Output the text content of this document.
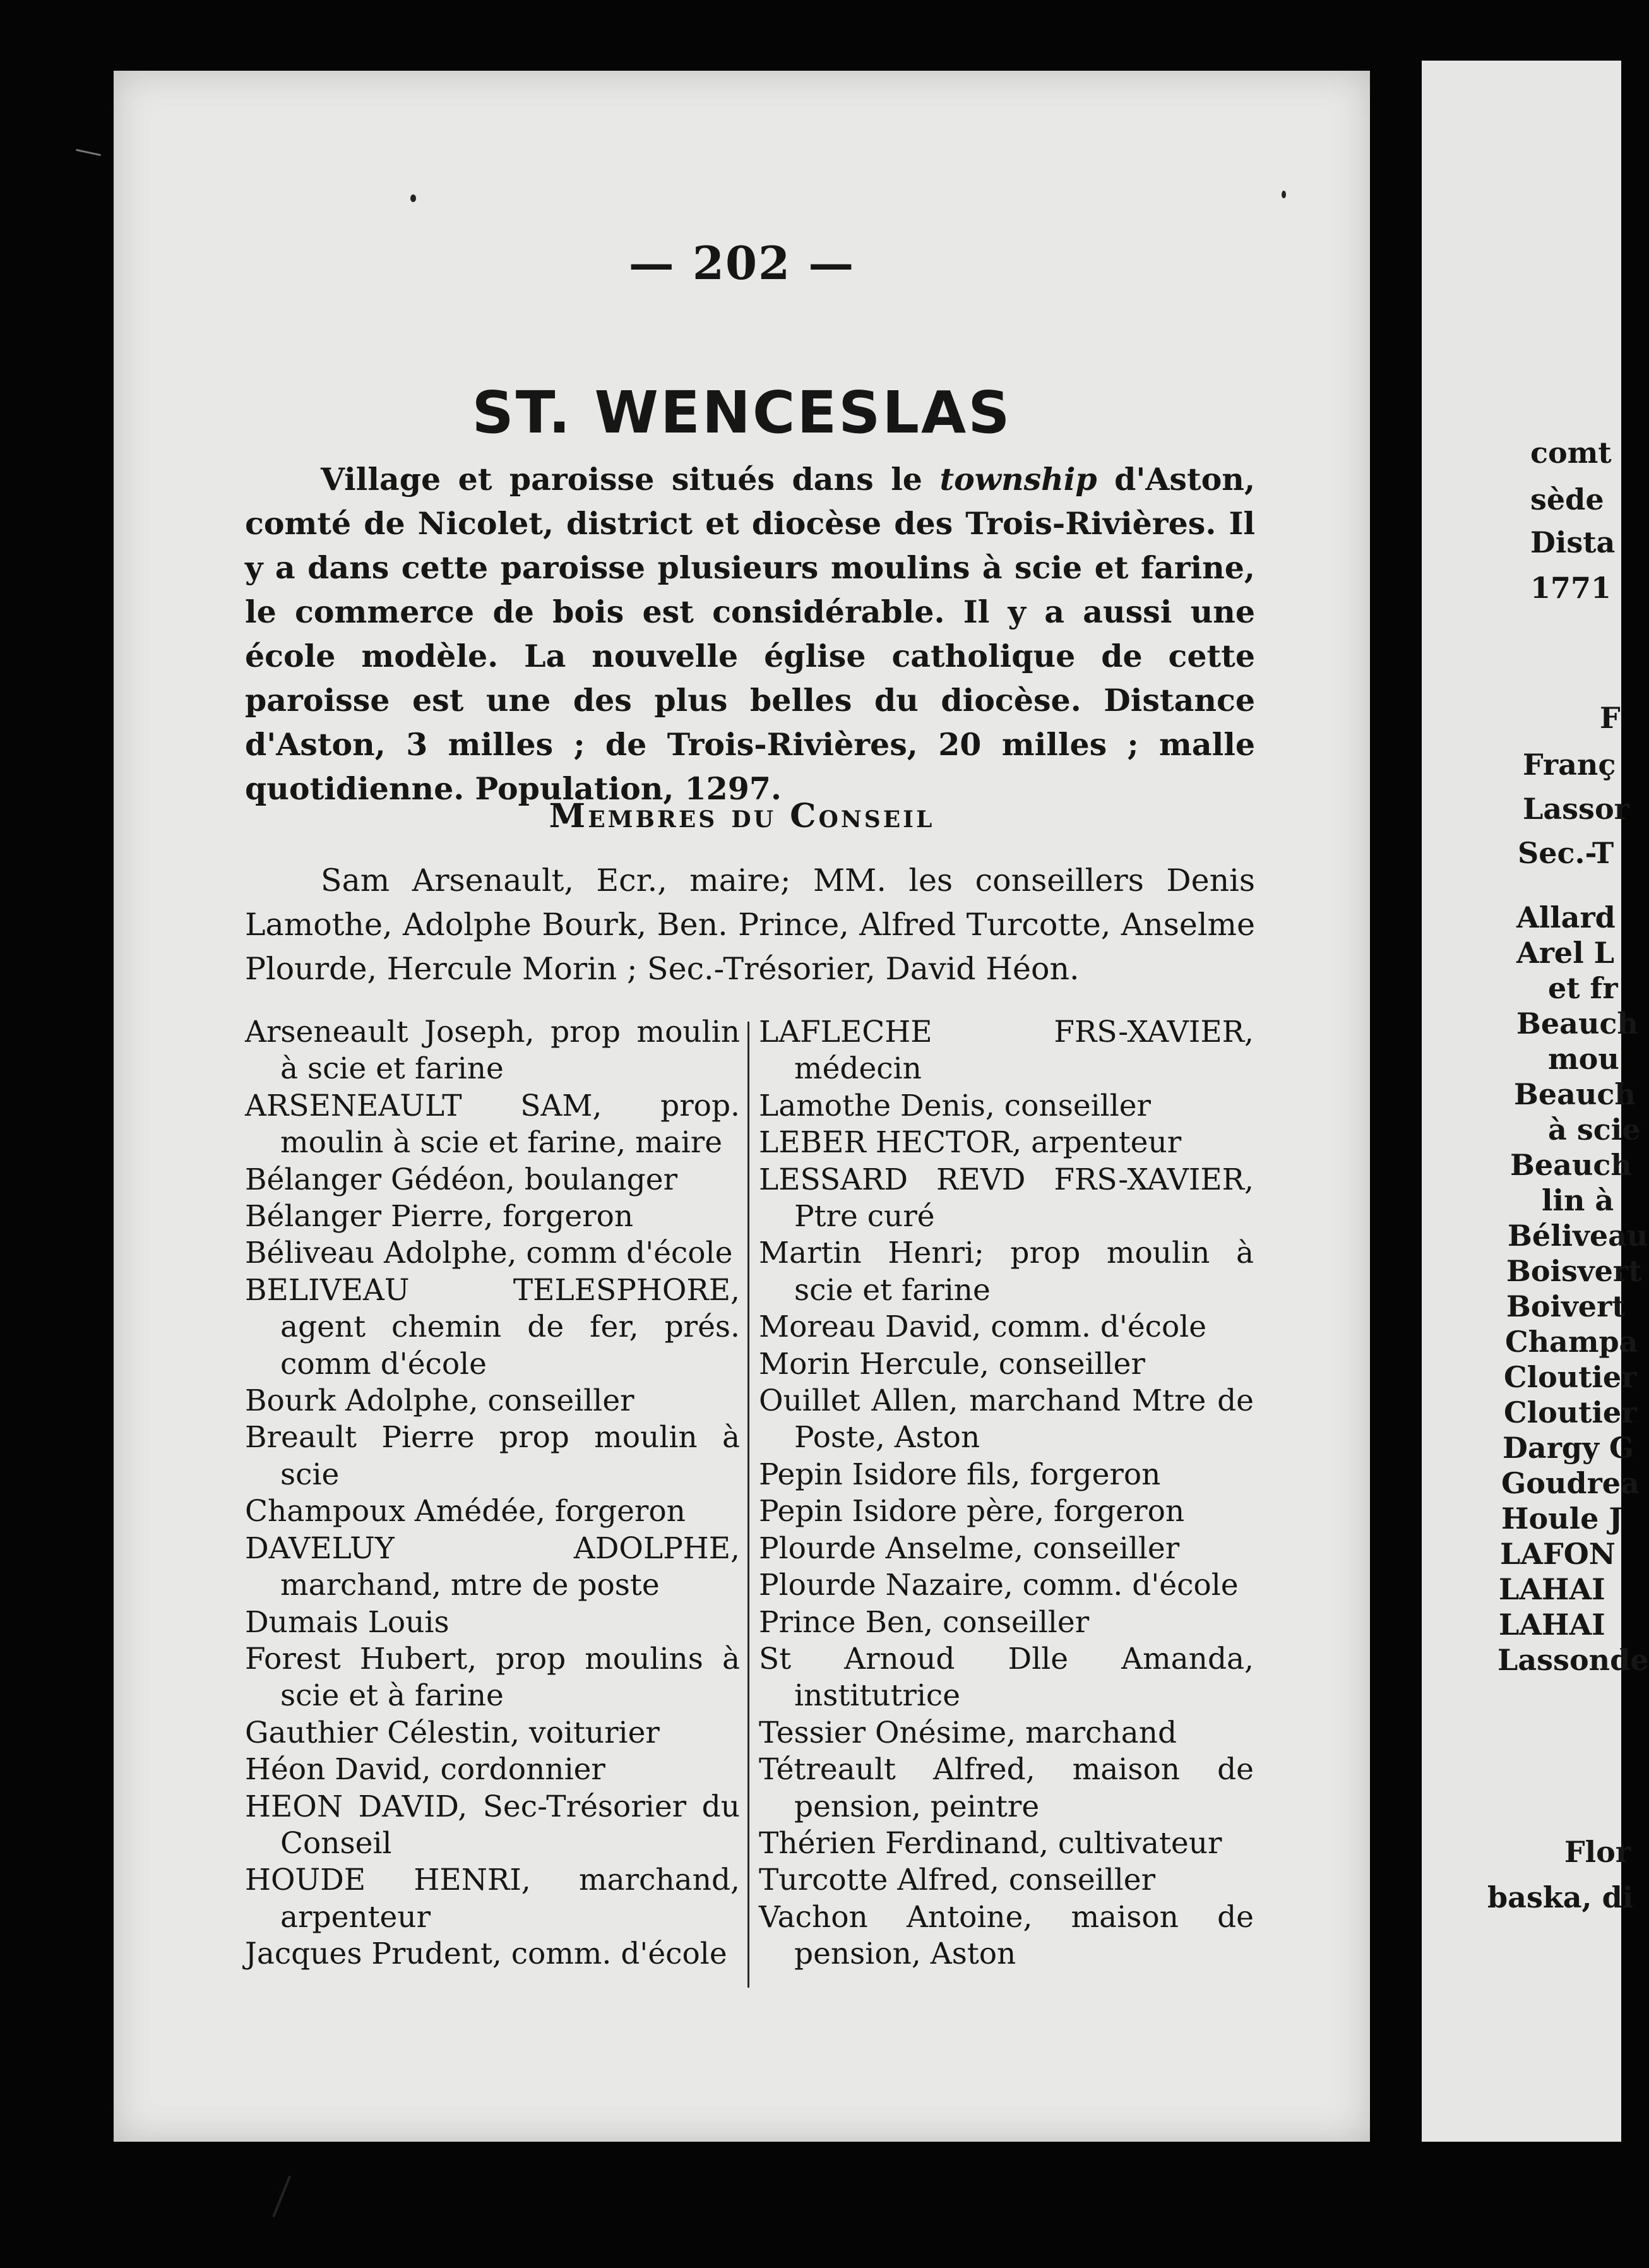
— 202 —
ST. WENCESLAS

Village et paroisse situés dans le township d'Aston, comté de Nicolet, district et diocèse des Trois-Rivières. Il y a dans cette paroisse plusieurs moulins à scie et farine, le commerce de bois est considérable. Il y a aussi une école modèle. La nouvelle église catholique de cette paroisse est une des plus belles du diocèse. Distance d'Aston, 3 milles ; de Trois-Rivières, 20 milles ; malle quotidienne. Population, 1297.

Membres du Conseil

Sam Arsenault, Ecr., maire; MM. les conseillers Denis Lamothe, Adolphe Bourk, Ben. Prince, Alfred Turcotte, Anselme Plourde, Hercule Morin ; Sec.-Trésorier, David Héon.

Arseneault Joseph, prop moulin à scie et farine

ARSENEAULT SAM, prop. moulin à scie et farine, maire

Bélanger Gédéon, boulanger

Bélanger Pierre, forgeron

Béliveau Adolphe, comm d'école

BELIVEAU TELESPHORE, agent chemin de fer, prés. comm d'école

Bourk Adolphe, conseiller

Breault Pierre prop moulin à scie

Champoux Amédée, forgeron

DAVELUY ADOLPHE, marchand, mtre de poste

Dumais Louis

Forest Hubert, prop moulins à scie et à farine

Gauthier Célestin, voiturier

Héon David, cordonnier

HEON DAVID, Sec-Trésorier du Conseil

HOUDE HENRI, marchand, arpenteur

Jacques Prudent, comm. d'école

LAFLECHE FRS-XAVIER, médecin

Lamothe Denis, conseiller

LEBER HECTOR, arpenteur

LESSARD REVD FRS-XAVIER, Ptre curé

Martin Henri; prop moulin à scie et farine

Moreau David, comm. d'école

Morin Hercule, conseiller

Ouillet Allen, marchand Mtre de Poste, Aston

Pepin Isidore fils, forgeron

Pepin Isidore père, forgeron

Plourde Anselme, conseiller

Plourde Nazaire, comm. d'école

Prince Ben, conseiller

St Arnoud Dlle Amanda, institutrice

Tessier Onésime, marchand

Tétreault Alfred, maison de pension, peintre

Thérien Ferdinand, cultivateur

Turcotte Alfred, conseiller

Vachon Antoine, maison de pension, Aston

comt
sède
Dista
1771
F
Franç
Lassor
Sec.-T
Allard
Arel L
et fr
Beauch
mou
Beauch
à scie
Beauch
lin à
Béliveau
Boisvert
Boivert
Champa
Cloutier
Cloutier
Dargy G
Goudrea
Houle J
LAFON
LAHAI
LAHAI
Lassonde
Flor
baska, di
